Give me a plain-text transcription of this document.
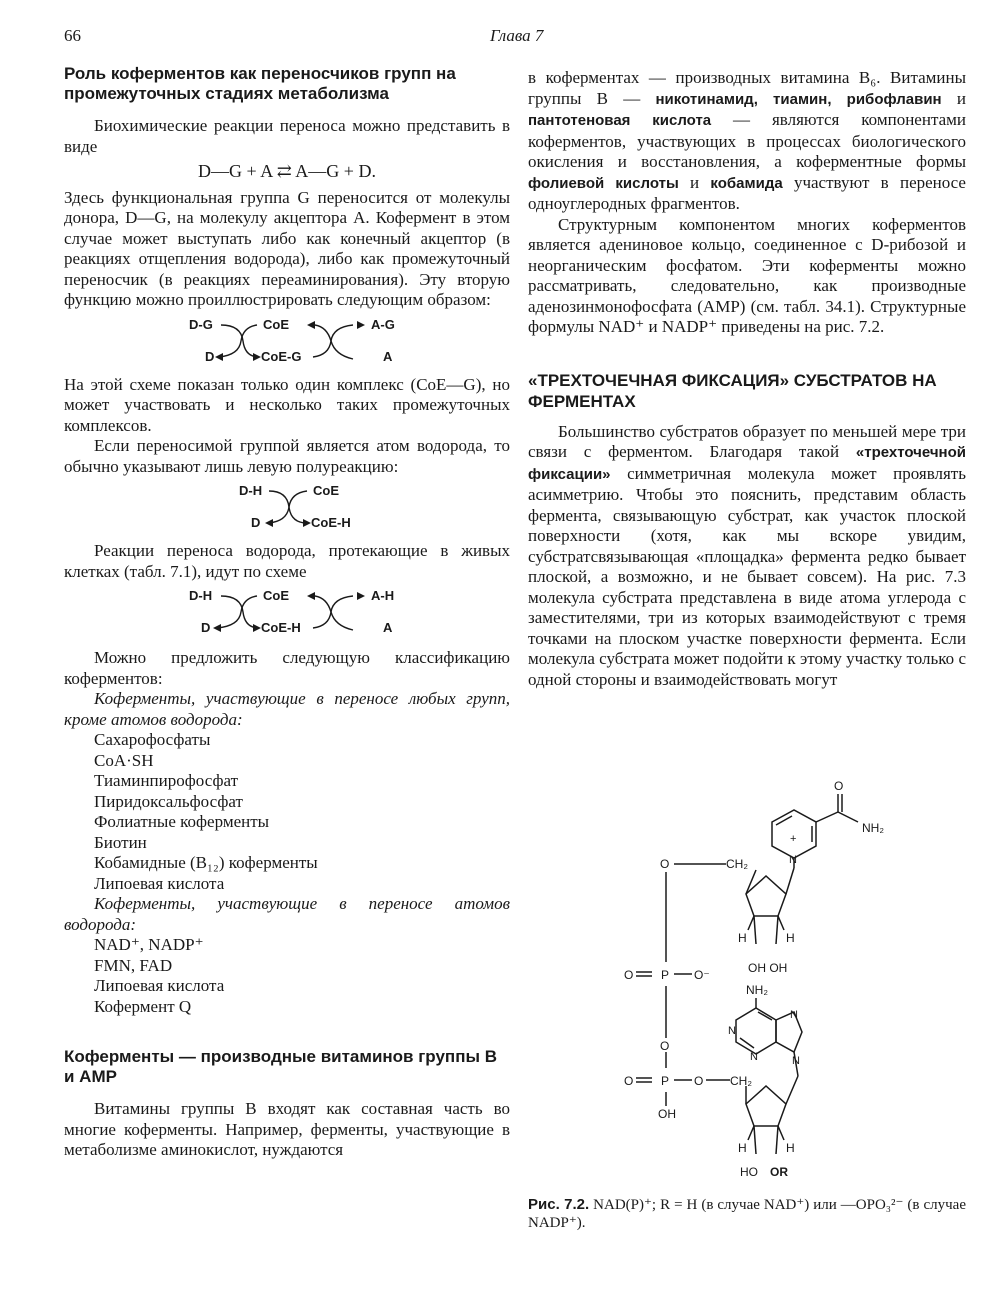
66	Глава 7
Роль коферментов как переносчиков групп на промежуточных стадиях метаболизма

Биохимические реакции переноса можно представить в виде

D—G + A ⇄ A—G + D.

Здесь функциональная группа G переносится от молекулы донора, D—G, на молекулу акцептора A. Кофермент в этом случае может выступать либо как конечный акцептор (в реакциях отщепления водорода), либо как промежуточный переносчик (в реакциях переаминирования). Эту вторую функцию можно проиллюстрировать следующим образом:

D-G	CoE	A-G
D	CoE-G	A

На этой схеме показан только один комплекс (CoE—G), но может участвовать и несколько таких промежуточных комплексов.

Если переносимой группой является атом водорода, то обычно указывают лишь левую полуреакцию:

D-H	CoE
D	CoE-H

Реакции переноса водорода, протекающие в живых клетках (табл. 7.1), идут по схеме

D-H	CoE	A-H
D	CoE-H	A

Можно предложить следующую классификацию коферментов:

Коферменты, участвующие в переносе любых групп, кроме атомов водорода:

Сахарофосфаты
CoA·SH
Тиаминпирофосфат
Пиридоксальфосфат
Фолиатные коферменты
Биотин
Кобамидные (B₁₂) коферменты
Липоевая кислота

Коферменты, участвующие в переносе атомов водорода:

NAD⁺, NADP⁺
FMN, FAD
Липоевая кислота
Кофермент Q
Коферменты — производные витаминов группы B и AMP

Витамины группы B входят как составная часть во многие коферменты. Например, ферменты, участвующие в метаболизме аминокислот, нуждаются

в коферментах — производных витамина B₆. Витамины группы B — никотинамид, тиамин, рибофлавин и пантотеновая кислота — являются компонентами коферментов, участвующих в процессах биологического окисления и восстановления, а коферментные формы фолиевой кислоты и кобамида участвуют в переносе одноуглеродных фрагментов.

Структурным компонентом многих коферментов является адениновое кольцо, соединенное с D-рибозой и неорганическим фосфатом. Эти коферменты можно рассматривать, следовательно, как производные аденозинмонофосфата (AMP) (см. табл. 34.1). Структурные формулы NAD⁺ и NADP⁺ приведены на рис. 7.2.

«ТРЕХТОЧЕЧНАЯ ФИКСАЦИЯ» СУБСТРАТОВ НА ФЕРМЕНТАХ

Большинство субстратов образует по меньшей мере три связи с ферментом. Благодаря такой «трехточечной фиксации» симметричная молекула может проявлять асимметрию. Чтобы это пояснить, представим область фермента, связывающую субстрат, как участок плоской поверхности (хотя, как мы вскоре увидим, субстратсвязывающая «площадка» фермента редко бывает плоской, а возможно, и не бывает совсем). На рис. 7.3 молекула субстрата представлена в виде атома углерода с заместителями, три из которых взаимодействуют с тремя точками на плоском участке поверхности фермента. Если молекула субстрата может подойти к этому участку только с одной стороны и взаимодействовать могут

O
NH₂
N
+
O	CH₂
H	H
OH OH
O P O⁻
O
NH₂
N
N
N	N
O P O CH₂
OH
H	H
HO OR

Рис. 7.2. NAD(P)⁺; R = H (в случае NAD⁺) или —OPO₃²⁻ (в случае NADP⁺).
